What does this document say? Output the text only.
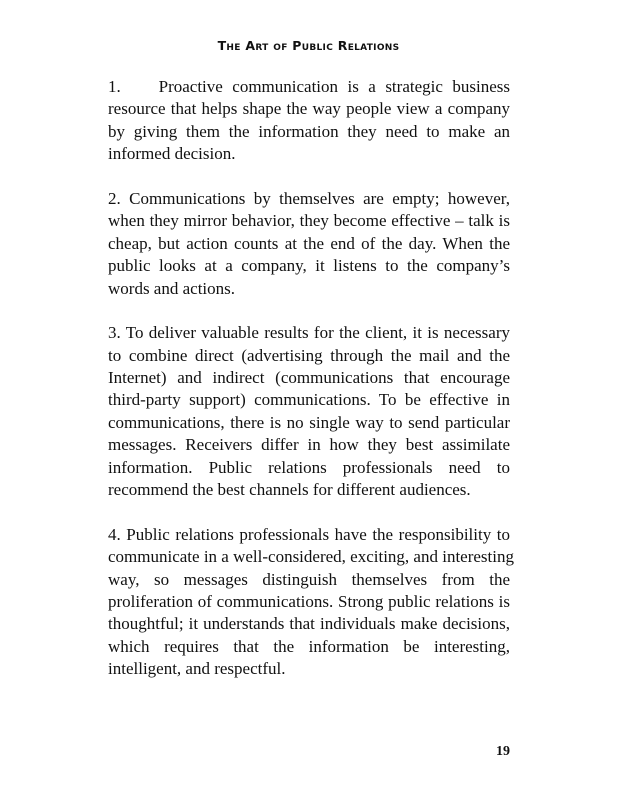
The Art of Public Relations
1.    Proactive communication is a strategic business
resource that helps shape the way people view a company
by giving them the information they need to make an
informed decision.
2. Communications by themselves are empty; however,
when they mirror behavior, they become effective – talk is
cheap, but action counts at the end of the day. When the
public looks at a company, it listens to the company’s
words and actions.
3. To deliver valuable results for the client, it is necessary
to combine direct (advertising through the mail and the
Internet) and indirect (communications that encourage
third-party support) communications. To be effective in
communications, there is no single way to send particular
messages. Receivers differ in how they best assimilate
information. Public relations professionals need to
recommend the best channels for different audiences.
4. Public relations professionals have the responsibility to
communicate in a well-considered, exciting, and interesting
way, so messages distinguish themselves from the
proliferation of communications. Strong public relations is
thoughtful; it understands that individuals make decisions,
which requires that the information be interesting,
intelligent, and respectful.
19
